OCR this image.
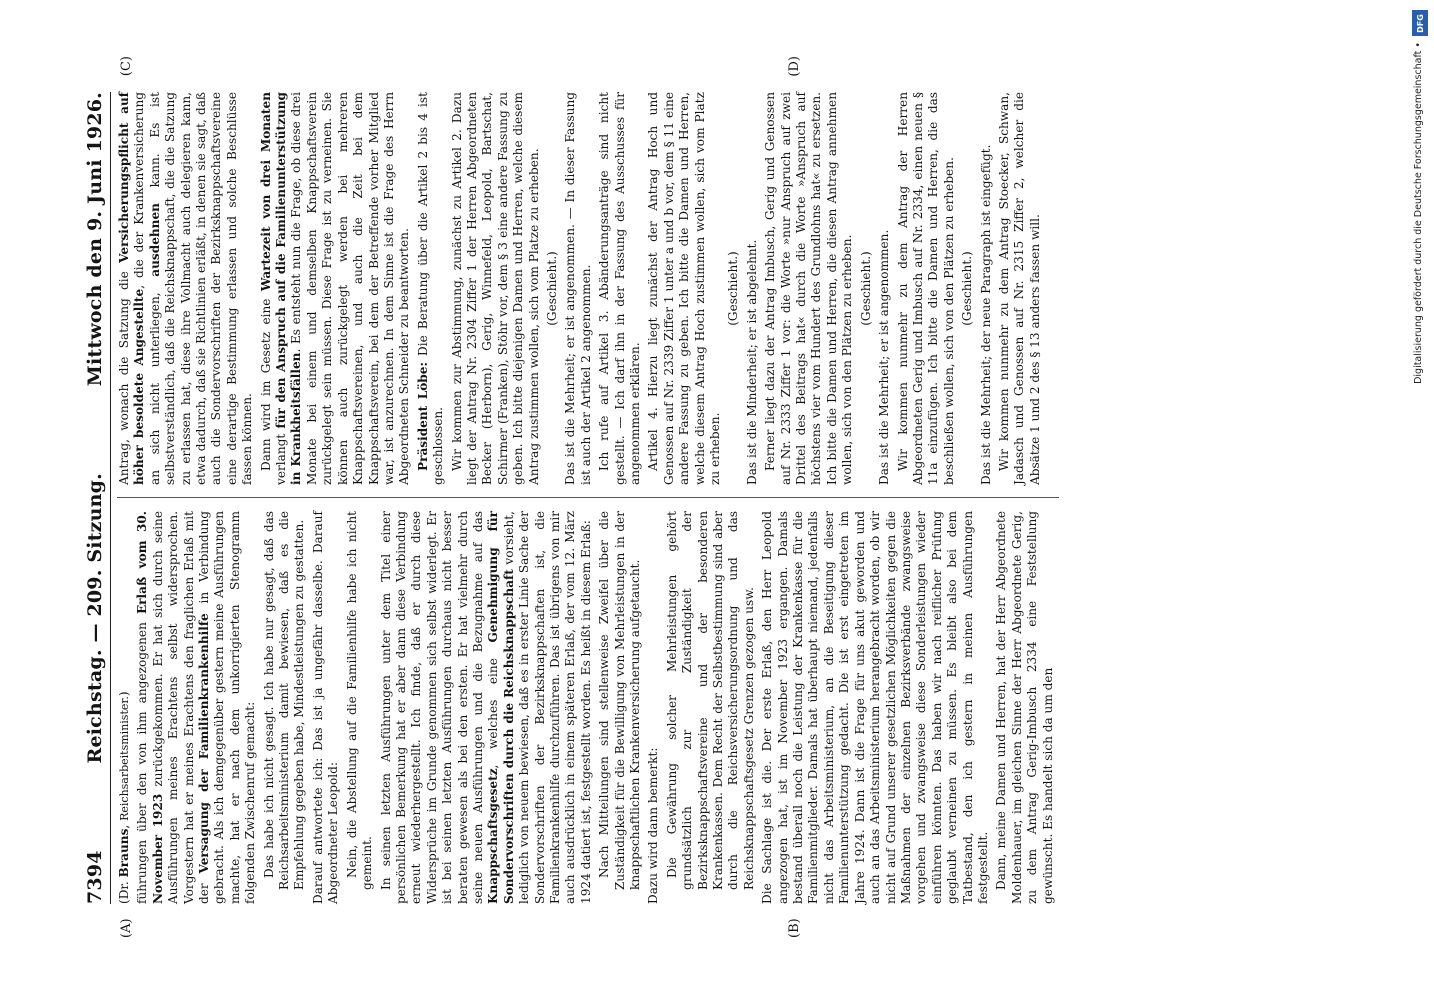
7394
Reichstag. — 209. Sitzung.
Mittwoch den 9. Juni 1926.
(A)	(B)

(Dr. Brauns, Reichsarbeitsminister.) führungen über den von ihm angezogenen Erlaß vom 30. November 1923 zurückgekommen. Er hat sich durch seine Ausführungen meines Erachtens selbst widersprochen. Vorgestern hat er meines Erachtens den fraglichen Erlaß mit der Versagung der Familienkrankenhilfe in Verbindung gebracht. Als ich demgegenüber gestern meine Ausführungen machte, hat er nach dem unkorrigierten Stenogramm folgenden Zwischenruf gemacht: Das habe ich nicht gesagt. Ich habe nur gesagt, daß das Reichsarbeitsministerium damit bewiesen, daß es die Empfehlung gegeben habe, Mindestleistungen zu gestatten. Darauf antwortete ich: Das ist ja ungefähr dasselbe. Darauf Abgeordneter Leopold: Nein, die Abstellung auf die Familienhilfe habe ich nicht gemeint. In seinen letzten Ausführungen unter dem Titel einer persönlichen Bemerkung hat er aber dann diese Verbindung erneut wiederhergestellt. Ich finde, daß er durch diese Widersprüche im Grunde genommen sich selbst widerlegt. Er ist bei seinen letzten Ausführungen durchaus nicht besser beraten gewesen als bei den ersten. Er hat vielmehr durch seine neuen Ausführungen und die Bezugnahme auf das Knappschaftsgesetz, welches eine Genehmigung für Sondervorschriften durch die Reichsknappschaft vorsieht, lediglich von neuem bewiesen, daß es in erster Linie Sache der Sondervorschriften der Bezirksknappschaften ist, die Familienkrankenhilfe durchzuführen. Das ist übrigens von mir auch ausdrücklich in einem späteren Erlaß, der vom 12. März 1924 datiert ist, festgestellt worden. Es heißt in diesem Erlaß: Nach Mitteilungen sind stellenweise Zweifel über die Zuständigkeit für die Bewilligung von Mehrleistungen in der knappschaftlichen Krankenversicherung aufgetaucht. Dazu wird dann bemerkt: Die Gewährung solcher Mehrleistungen gehört grundsätzlich zur Zuständigkeit der Bezirksknappschaftsvereine und der besonderen Krankenkassen. Dem Recht der Selbstbestimmung sind aber durch die Reichsversicherungsordnung und das Reichsknappschaftsgesetz Grenzen gezogen usw. Die Sachlage ist die. Der erste Erlaß, den Herr Leopold angezogen hat, ist im November 1923 ergangen. Damals bestand überall noch die Leistung der Krankenkasse für die Familienmitglieder. Damals hat überhaupt niemand, jedenfalls nicht das Arbeitsministerium, an die Beseitigung dieser Familienunterstützung gedacht. Die ist erst eingetreten im Jahre 1924. Dann ist die Frage für uns akut geworden und auch an das Arbeitsministerium herangebracht worden, ob wir nicht auf Grund unserer gesetzlichen Möglichkeiten gegen die Maßnahmen der einzelnen Bezirksverbände zwangsweise vorgehen und zwangsweise diese Sonderleistungen wieder einführen könnten. Das haben wir nach reiflicher Prüfung geglaubt verneinen zu müssen. Es bleibt also bei dem Tatbestand, den ich gestern in meinen Ausführungen festgestellt. Dann, meine Damen und Herren, hat der Herr Abgeordnete Moldenhauer, im gleichen Sinne der Herr Abgeordnete Gerig, zu dem Antrag Gerig-Imbusch 2334 eine Feststellung gewünscht. Es handelt sich da um den

(C)	(D)

Antrag, wonach die Satzung die Versicherungspflicht auf höher besoldete Angestellte, die der Krankenversicherung an sich nicht unterliegen, ausdehnen kann. Es ist selbstverständlich, daß die Reichsknappschaft, die die Satzung zu erlassen hat, diese ihre Vollmacht auch delegieren kann, etwa dadurch, daß sie Richtlinien erläßt, in denen sie sagt, daß auch die Sondervorschriften der Bezirksknappschaftsvereine eine derartige Bestimmung erlassen und solche Beschlüsse fassen können. Dann wird im Gesetz eine Wartezeit von drei Monaten verlangt für den Anspruch auf die Familienunterstützung in Krankheitsfällen. Es entsteht nun die Frage, ob diese drei Monate bei einem und demselben Knappschaftsverein zurückgelegt sein müssen. Diese Frage ist zu verneinen. Sie können auch zurückgelegt werden bei mehreren Knappschaftsvereinen, und auch die Zeit bei dem Knappschaftsverein, bei dem der Betreffende vorher Mitglied war, ist anzurechnen. In dem Sinne ist die Frage des Herrn Abgeordneten Schneider zu beantworten. Präsident Löbe: Die Beratung über die Artikel 2 bis 4 ist geschlossen. Wir kommen zur Abstimmung, zunächst zu Artikel 2. Dazu liegt der Antrag Nr. 2304 Ziffer 1 der Herren Abgeordneten Becker (Herborn), Gerig, Winnefeld, Leopold, Bartschat, Schirmer (Franken), Stöhr vor, dem § 3 eine andere Fassung zu geben. Ich bitte diejenigen Damen und Herren, welche diesem Antrag zustimmen wollen, sich vom Platze zu erheben. (Geschieht.) Das ist die Mehrheit; er ist angenommen. — In dieser Fassung ist auch der Artikel 2 angenommen. Ich rufe auf Artikel 3. Abänderungsanträge sind nicht gestellt. — Ich darf ihn in der Fassung des Ausschusses für angenommen erklären. Artikel 4. Hierzu liegt zunächst der Antrag Hoch und Genossen auf Nr. 2339 Ziffer 1 unter a und b vor, dem § 11 eine andere Fassung zu geben. Ich bitte die Damen und Herren, welche diesem Antrag Hoch zustimmen wollen, sich vom Platz zu erheben.

(Geschieht.) Das ist die Minderheit; er ist abgelehnt. Ferner liegt dazu der Antrag Imbusch, Gerig und Genossen auf Nr. 2333 Ziffer 1 vor: die Worte »nur Anspruch auf zwei Drittel des Beitrags hat« durch die Worte »Anspruch auf höchstens vier vom Hundert des Grundlohns hat« zu ersetzen. Ich bitte die Damen und Herren, die diesen Antrag annehmen wollen, sich von den Plätzen zu erheben. (Geschieht.) Das ist die Mehrheit; er ist angenommen. Wir kommen nunmehr zu dem Antrag der Herren Abgeordneten Gerig und Imbusch auf Nr. 2334, einen neuen § 11a einzufügen. Ich bitte die Damen und Herren, die das beschließen wollen, sich von den Plätzen zu erheben. (Geschieht.) Das ist die Mehrheit; der neue Paragraph ist eingefügt. Wir kommen nunmehr zu dem Antrag Stoecker, Schwan, Jadasch und Genossen auf Nr. 2315 Ziffer 2, welcher die Absätze 1 und 2 des § 13 anders fassen will.

DFG
Digitalisierung gefördert durch die Deutsche Forschungsgemeinschaft •
